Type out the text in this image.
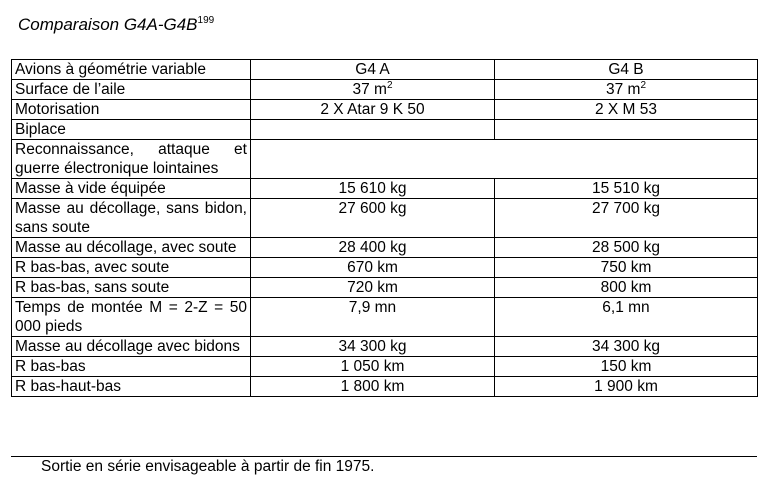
Comparaison $G4A-G4B^{199}$
Avions à géométrie variable	G4 A	G4 B
Surface de l’aile	37 $m^2$	37 $m^2$
Motorisation	2 X Atar 9 K 50	2 X M 53
Biplace		
Reconnaissance, attaque et guerre électronique lointaines		
Masse à vide équipée	15 610 kg	15 510 kg
Masse au décollage, sans bidon, sans soute	27 600 kg	27 700 kg
Masse au décollage, avec soute	28 400 kg	28 500 kg
R bas-bas, avec soute	670 km	750 km
R bas-bas, sans soute	720 km	800 km
Temps de montée M = 2-Z = 50 000 pieds	7,9 mn	6,1 mn
Masse au décollage avec bidons	34 300 kg	34 300 kg
R bas-bas	1 050 km	150 km
R bas-haut-bas	1 800 km	1 900 km
Sortie en série envisageable à partir de fin 1975.
